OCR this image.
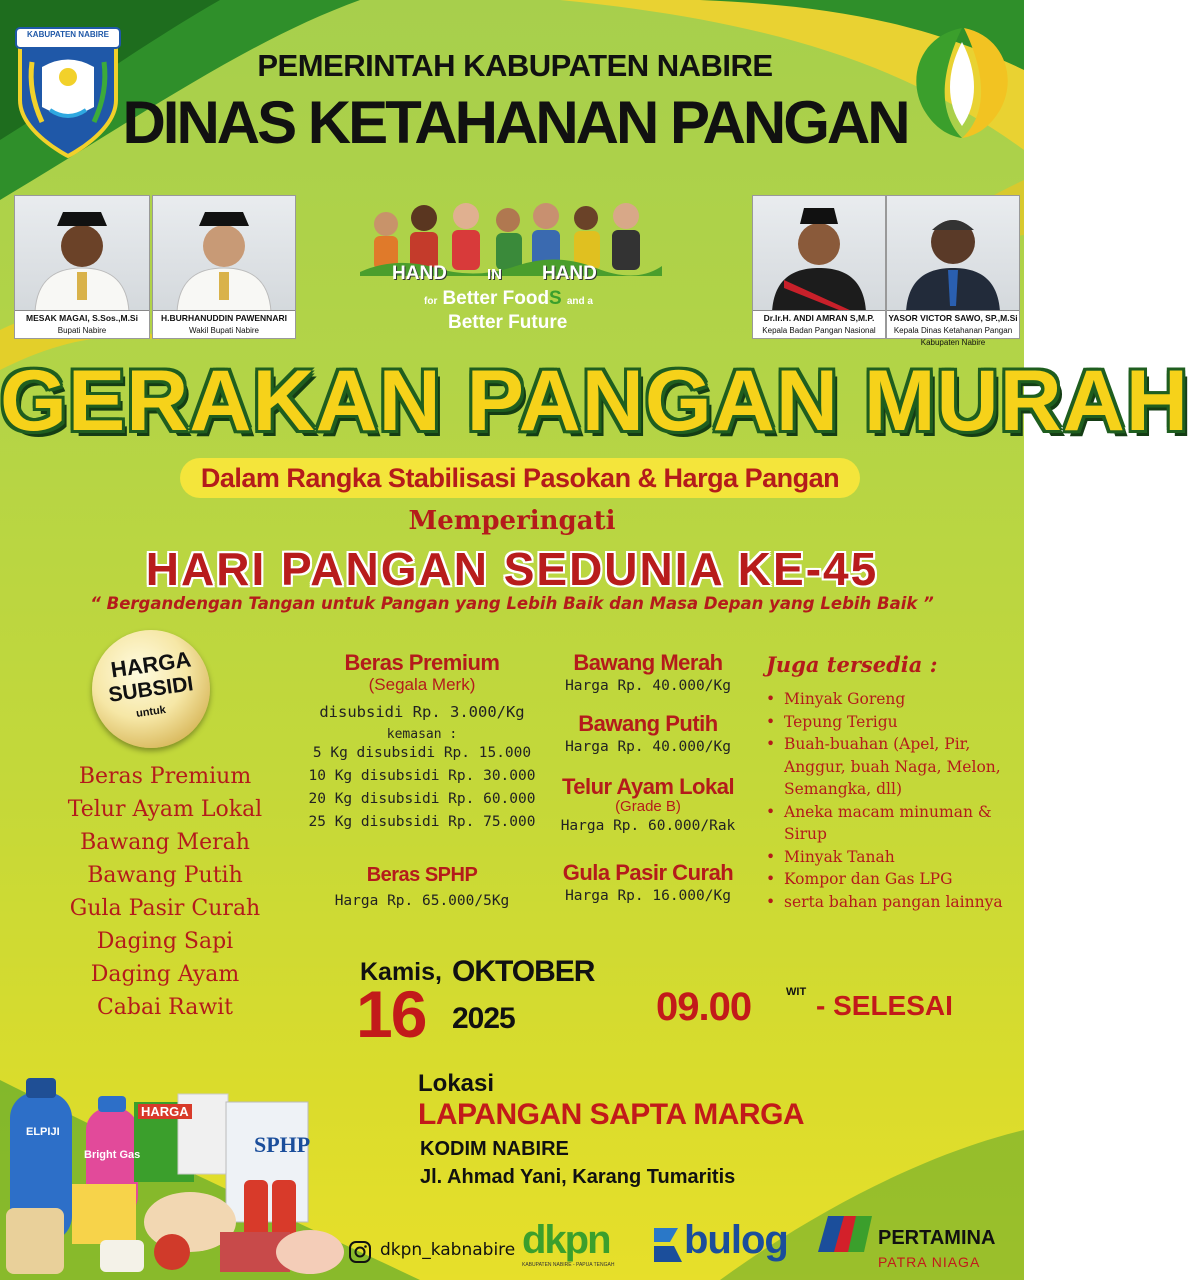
KABUPATEN NABIRE
PEMERINTAH KABUPATEN NABIRE
DINAS KETAHANAN PANGAN
MESAK MAGAI, S.Sos.,M.Si
Bupati Nabire
H.BURHANUDDIN PAWENNARI
Wakil Bupati Nabire
Dr.Ir.H. ANDI AMRAN S,M.P.
Kepala Badan Pangan Nasional
YASOR VICTOR SAWO, SP.,M.Si
Kepala Dinas Ketahanan Pangan Kabupaten Nabire
HAND	IN HAND
for Better FoodS and a
Better Future
GERAKAN PANGAN MURAH
Dalam Rangka Stabilisasi Pasokan & Harga Pangan
Memperingati
HARI PANGAN SEDUNIA KE-45
“ Bergandengan Tangan untuk Pangan yang Lebih Baik dan Masa Depan yang Lebih Baik ”
HARGA
SUBSIDI
untuk
Beras Premium
Telur Ayam Lokal
Bawang Merah
Bawang Putih
Gula Pasir Curah
Daging Sapi
Daging Ayam
Cabai Rawit
Beras Premium
(Segala Merk)
disubsidi Rp. 3.000/Kg
kemasan :
5 Kg disubsidi Rp. 15.000
10 Kg disubsidi Rp. 30.000
20 Kg disubsidi Rp. 60.000
25 Kg disubsidi Rp. 75.000
Beras SPHP
Harga Rp. 65.000/5Kg
Bawang Merah
Harga Rp. 40.000/Kg
Bawang Putih
Harga Rp. 40.000/Kg
Telur Ayam Lokal
(Grade B)
Harga Rp. 60.000/Rak
Gula Pasir Curah
Harga Rp. 16.000/Kg
Juga tersedia :
• Minyak Goreng
• Tepung Terigu
• Buah-buahan (Apel, Pir, Anggur, buah Naga, Melon, Semangka, dll)
• Aneka macam minuman & Sirup
• Minyak Tanah
• Kompor dan Gas LPG
• serta bahan pangan lainnya
Kamis, OKTOBER
16 2025	09.00	WIT - SELESAI
Lokasi
LAPANGAN SAPTA MARGA
KODIM NABIRE
Jl. Ahmad Yani, Karang Tumaritis
ELPIJI
Bright Gas
HARGA
SPHP
dkpn_kabnabire dkpn
KABUPATEN NABIRE - PAPUA TENGAH
bulog	PERTAMINA
PATRA NIAGA
